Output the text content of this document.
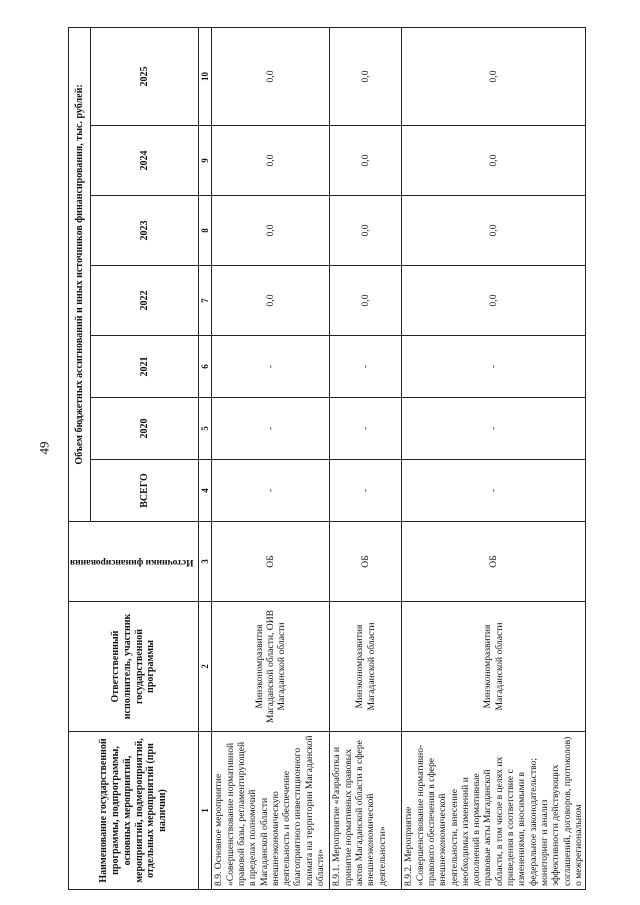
49
Наименование государственной программы, подпрограммы, основных мероприятий, мероприятий, подмероприятий, отдельных мероприятий (при наличии)	Ответственный исполнитель, участник государственной программы	Источники финансирования	Объем бюджетных ассигнований и иных источников финансирования, тыс. рублей:						
			ВСЕГО	2020	2021	2022	2023	2024	2025
1	2	3	4	5	6	7	8	9	10
8.9. Основное мероприятие «Совершенствование нормативной правовой базы, регламентирующей в пределах полномочий Магаданской области внешнеэкономическую деятельность и обеспечение благоприятного инвестиционного климата на территории Магаданской области»	Минэкономразвития Магаданской области, ОИВ Магаданской области	ОБ	-	-	-	0,0	0,0	0,0	0,0
8.9.1. Мероприятие «Разработка и принятие нормативных правовых актов Магаданской области в сфере внешнеэкономической деятельности»	Минэкономразвития Магаданской области	ОБ	-	-	-	0,0	0,0	0,0	0,0
8.9.2. Мероприятие «Совершенствование нормативно-правового обеспечения в сфере внешнеэкономической деятельности, внесение необходимых изменений и дополнений в нормативные правовые акты Магаданской области, в том числе в целях их приведения в соответствие с изменениями, вносимыми в федеральное законодательство; мониторинг и анализ эффективности действующих соглашений, договоров, протоколов) о межрегиональном	Минэкономразвития Магаданской области	ОБ	-	-	-	0,0	0,0	0,0	0,0
